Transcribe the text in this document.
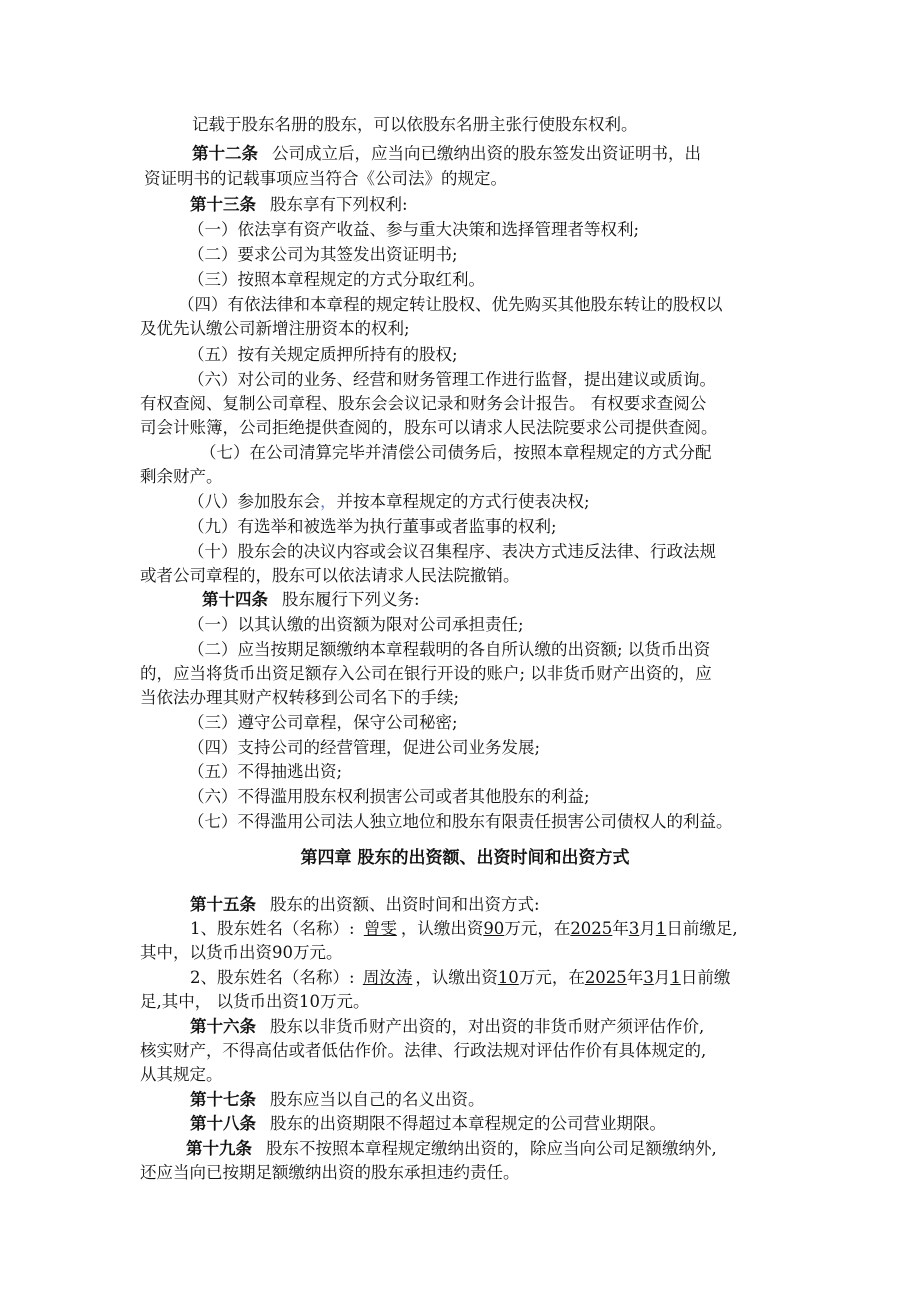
记载于股东名册的股东，可以依股东名册主张行使股东权利。
第十二条 公司成立后，应当向已缴纳出资的股东签发出资证明书，出
资证明书的记载事项应当符合《公司法》的规定。
第十三条 股东享有下列权利:
（一）依法享有资产收益、参与重大决策和选择管理者等权利;
（二）要求公司为其签发出资证明书;
（三）按照本章程规定的方式分取红利。
（四）有依法律和本章程的规定转让股权、优先购买其他股东转让的股权以
及优先认缴公司新增注册资本的权利;
（五）按有关规定质押所持有的股权;
（六）对公司的业务、经营和财务管理工作进行监督，提出建议或质询。
有权查阅、复制公司章程、股东会会议记录和财务会计报告。 有权要求查阅公
司会计账簿，公司拒绝提供查阅的，股东可以请求人民法院要求公司提供查阅。
（七）在公司清算完毕并清偿公司债务后，按照本章程规定的方式分配
剩余财产。
（八）参加股东会，并按本章程规定的方式行使表决权;
（九）有选举和被选举为执行董事或者监事的权利;
（十）股东会的决议内容或会议召集程序、表决方式违反法律、行政法规
或者公司章程的，股东可以依法请求人民法院撤销。
第十四条 股东履行下列义务:
（一）以其认缴的出资额为限对公司承担责任;
（二）应当按期足额缴纳本章程载明的各自所认缴的出资额; 以货币出资
的，应当将货币出资足额存入公司在银行开设的账户; 以非货币财产出资的，应
当依法办理其财产权转移到公司名下的手续;
（三）遵守公司章程，保守公司秘密;
（四）支持公司的经营管理，促进公司业务发展;
（五）不得抽逃出资;
（六）不得滥用股东权利损害公司或者其他股东的利益;
（七）不得滥用公司法人独立地位和股东有限责任损害公司债权人的利益。
第四章 股东的出资额、出资时间和出资方式
第十五条 股东的出资额、出资时间和出资方式:
1、股东姓名（名称）: 曾雯 ，认缴出资90万元，在2025年3月1日前缴足,
其中，以货币出资90万元。
2、股东姓名（名称）: 周汝涛 ，认缴出资10万元，在2025年3月1日前缴
足,其中， 以货币出资10万元。
第十六条 股东以非货币财产出资的，对出资的非货币财产须评估作价,
核实财产，不得高估或者低估作价。法律、行政法规对评估作价有具体规定的,
从其规定。
第十七条 股东应当以自己的名义出资。
第十八条 股东的出资期限不得超过本章程规定的公司营业期限。
第十九条 股东不按照本章程规定缴纳出资的，除应当向公司足额缴纳外,
还应当向已按期足额缴纳出资的股东承担违约责任。
